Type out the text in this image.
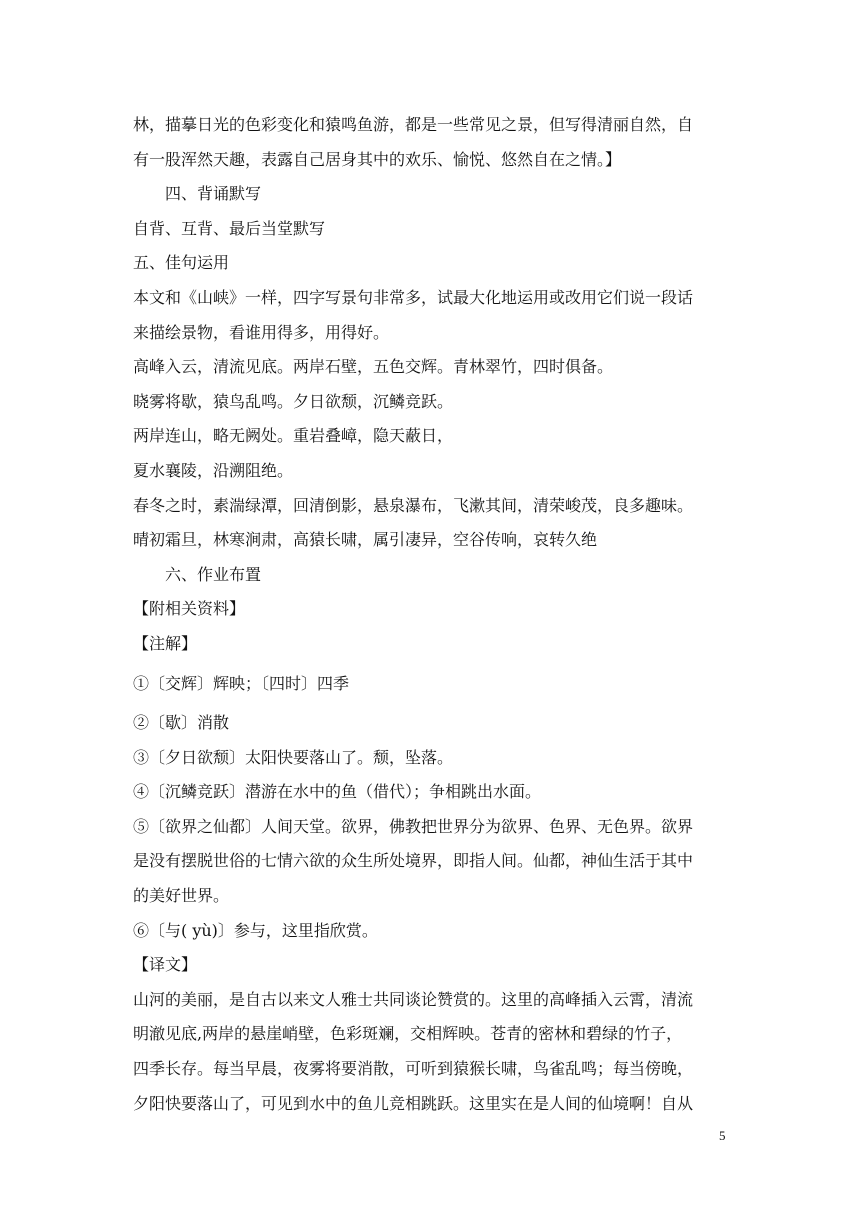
林，描摹日光的色彩变化和猿鸣鱼游，都是一些常见之景，但写得清丽自然，自
有一股浑然天趣，表露自己居身其中的欢乐、愉悦、悠然自在之情。】
四、背诵默写
自背、互背、最后当堂默写
五、佳句运用
本文和《山峡》一样，四字写景句非常多，试最大化地运用或改用它们说一段话
来描绘景物，看谁用得多，用得好。
高峰入云，清流见底。两岸石壁，五色交辉。青林翠竹，四时俱备。
晓雾将歇，猿鸟乱鸣。夕日欲颓，沉鳞竞跃。
两岸连山，略无阙处。重岩叠嶂，隐天蔽日，
夏水襄陵，沿溯阻绝。
春冬之时，素湍绿潭，回清倒影，悬泉瀑布，飞漱其间，清荣峻茂，良多趣味。
晴初霜旦，林寒涧肃，高猿长啸，属引凄异，空谷传响，哀转久绝
六、作业布置
【附相关资料】
【注解】
①〔交辉〕辉映；〔四时〕四季
②〔歇〕消散
③〔夕日欲颓〕太阳快要落山了。颓，坠落。
④〔沉鳞竞跃〕潜游在水中的鱼（借代）；争相跳出水面。
⑤〔欲界之仙都〕人间天堂。欲界，佛教把世界分为欲界、色界、无色界。欲界
是没有摆脱世俗的七情六欲的众生所处境界，即指人间。仙都，神仙生活于其中
的美好世界。
⑥〔与( yù)〕参与，这里指欣赏。
【译文】
山河的美丽，是自古以来文人雅士共同谈论赞赏的。这里的高峰插入云霄，清流
明澈见底,两岸的悬崖峭壁，色彩斑斓，交相辉映。苍青的密林和碧绿的竹子，
四季长存。每当早晨，夜雾将要消散，可听到猿猴长啸，鸟雀乱鸣；每当傍晚，
夕阳快要落山了，可见到水中的鱼儿竞相跳跃。这里实在是人间的仙境啊！自从
5
